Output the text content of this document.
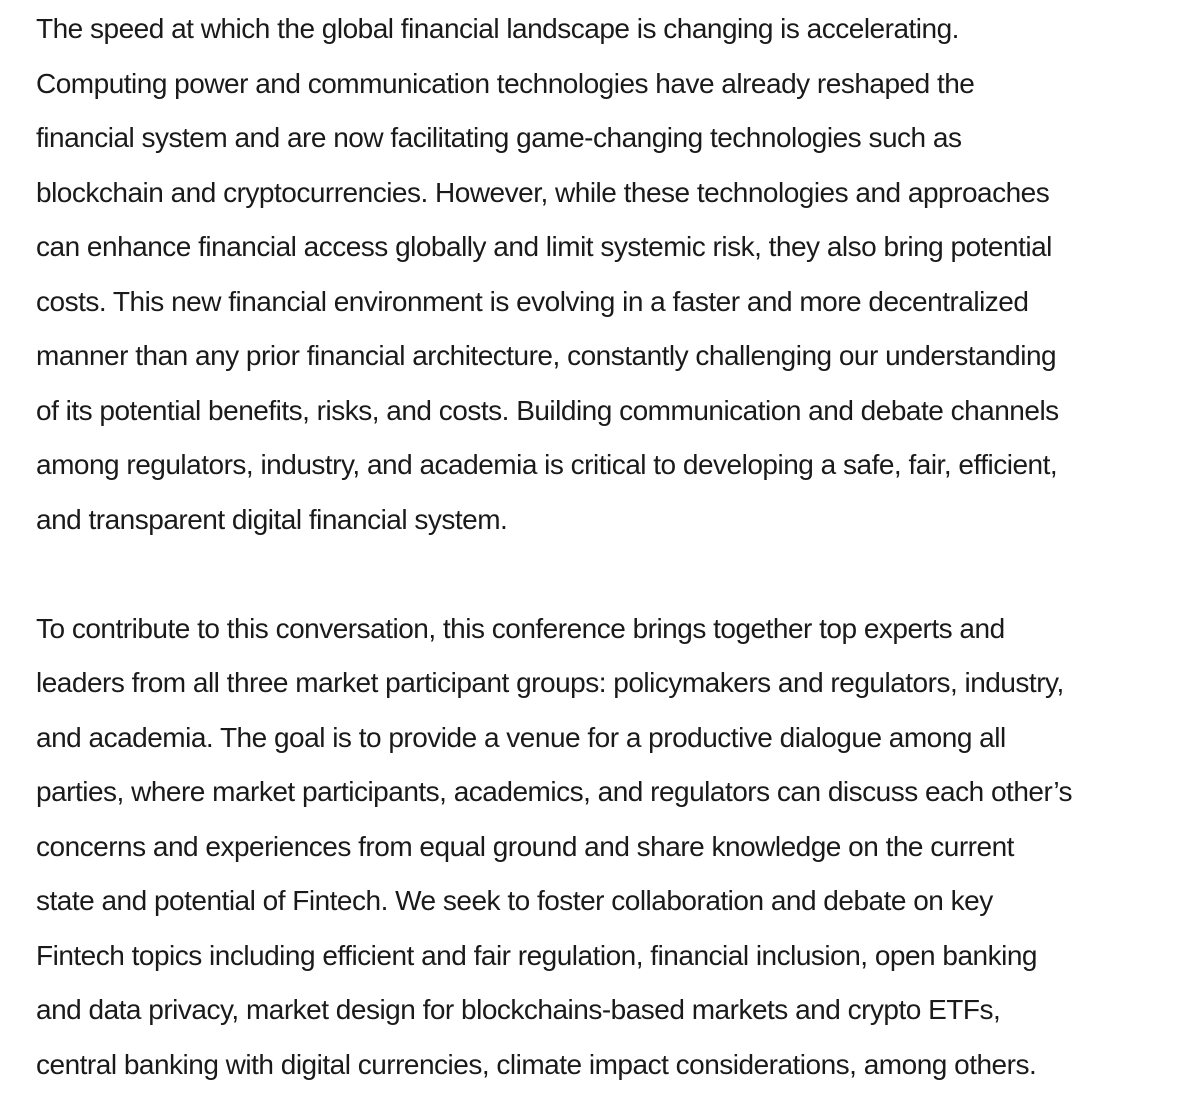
The speed at which the global financial landscape is changing is accelerating.
Computing power and communication technologies have already reshaped the
financial system and are now facilitating game-changing technologies such as
blockchain and cryptocurrencies. However, while these technologies and approaches
can enhance financial access globally and limit systemic risk, they also bring potential
costs. This new financial environment is evolving in a faster and more decentralized
manner than any prior financial architecture, constantly challenging our understanding
of its potential benefits, risks, and costs. Building communication and debate channels
among regulators, industry, and academia is critical to developing a safe, fair, efficient,
and transparent digital financial system.

To contribute to this conversation, this conference brings together top experts and
leaders from all three market participant groups: policymakers and regulators, industry,
and academia. The goal is to provide a venue for a productive dialogue among all
parties, where market participants, academics, and regulators can discuss each other’s
concerns and experiences from equal ground and share knowledge on the current
state and potential of Fintech. We seek to foster collaboration and debate on key
Fintech topics including efficient and fair regulation, financial inclusion, open banking
and data privacy, market design for blockchains-based markets and crypto ETFs,
central banking with digital currencies, climate impact considerations, among others.
